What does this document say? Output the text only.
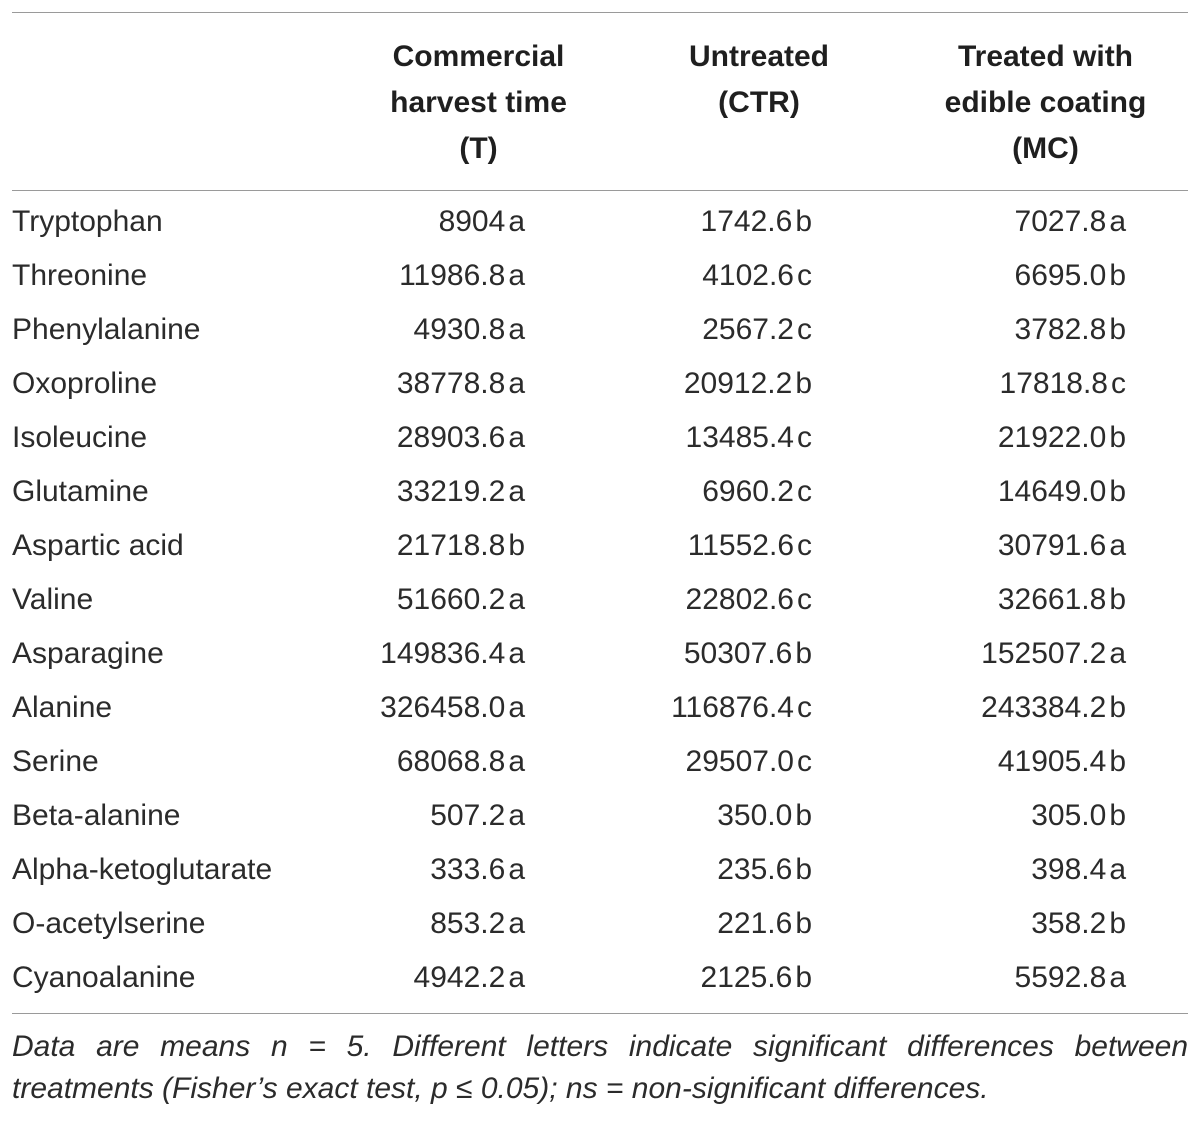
	Commercial
harvest time
(T)	Untreated
(CTR)	Treated with
edible coating
(MC)

Tryptophan	8904 a	1742.6 b	7027.8 a
Threonine	11986.8 a	4102.6 c	6695.0 b
Phenylalanine	4930.8 a	2567.2 c	3782.8 b
Oxoproline	38778.8 a	20912.2 b	17818.8 c
Isoleucine	28903.6 a	13485.4 c	21922.0 b
Glutamine	33219.2 a	6960.2 c	14649.0 b
Aspartic acid	21718.8 b	11552.6 c	30791.6 a
Valine	51660.2 a	22802.6 c	32661.8 b
Asparagine	149836.4 a	50307.6 b	152507.2 a
Alanine	326458.0 a	116876.4 c	243384.2 b
Serine	68068.8 a	29507.0 c	41905.4 b
Beta-alanine	507.2 a	350.0 b	305.0 b
Alpha-ketoglutarate	333.6 a	235.6 b	398.4 a
O-acetylserine	853.2 a	221.6 b	358.2 b
Cyanoalanine	4942.2 a	2125.6 b	5592.8 a
Data are means n = 5. Different letters indicate significant differences between treatments (Fisher’s exact test, p ≤ 0.05); ns = non-significant differences.
